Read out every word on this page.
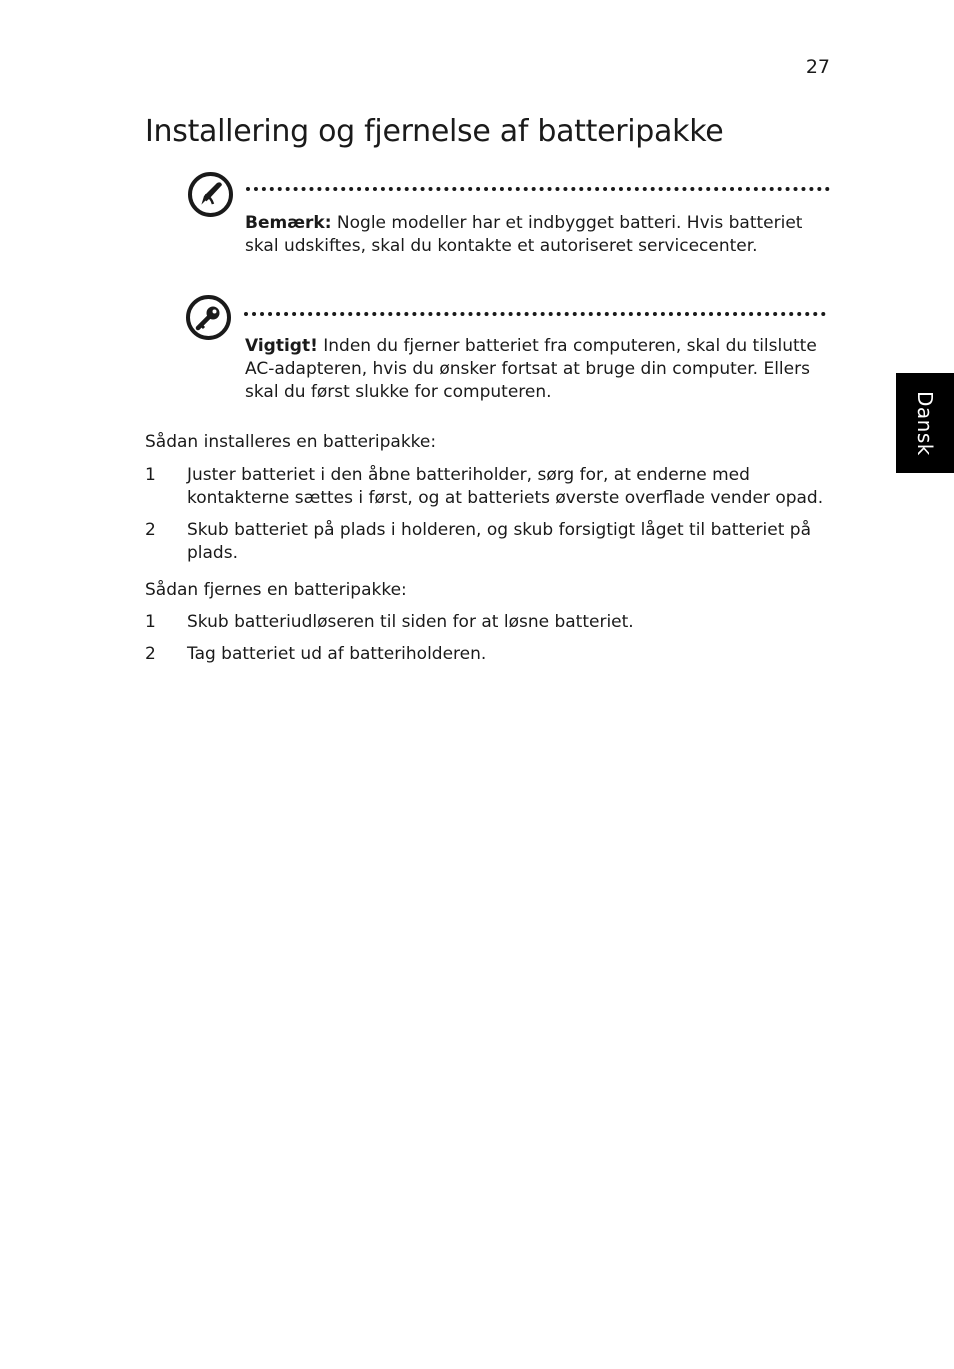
27
Installering og fjernelse af batteripakke
Bemærk: Nogle modeller har et indbygget batteri. Hvis batteriet skal udskiftes, skal du kontakte et autoriseret servicecenter.
Vigtigt! Inden du fjerner batteriet fra computeren, skal du tilslutte AC-adapteren, hvis du ønsker fortsat at bruge din computer. Ellers skal du først slukke for computeren.
Sådan installeres en batteripakke:
1 Juster batteriet i den åbne batteriholder, sørg for, at enderne med kontakterne sættes i først, og at batteriets øverste overflade vender opad.
2 Skub batteriet på plads i holderen, og skub forsigtigt låget til batteriet på plads.
Sådan fjernes en batteripakke:
1 Skub batteriudløseren til siden for at løsne batteriet.
2 Tag batteriet ud af batteriholderen.
Dansk
